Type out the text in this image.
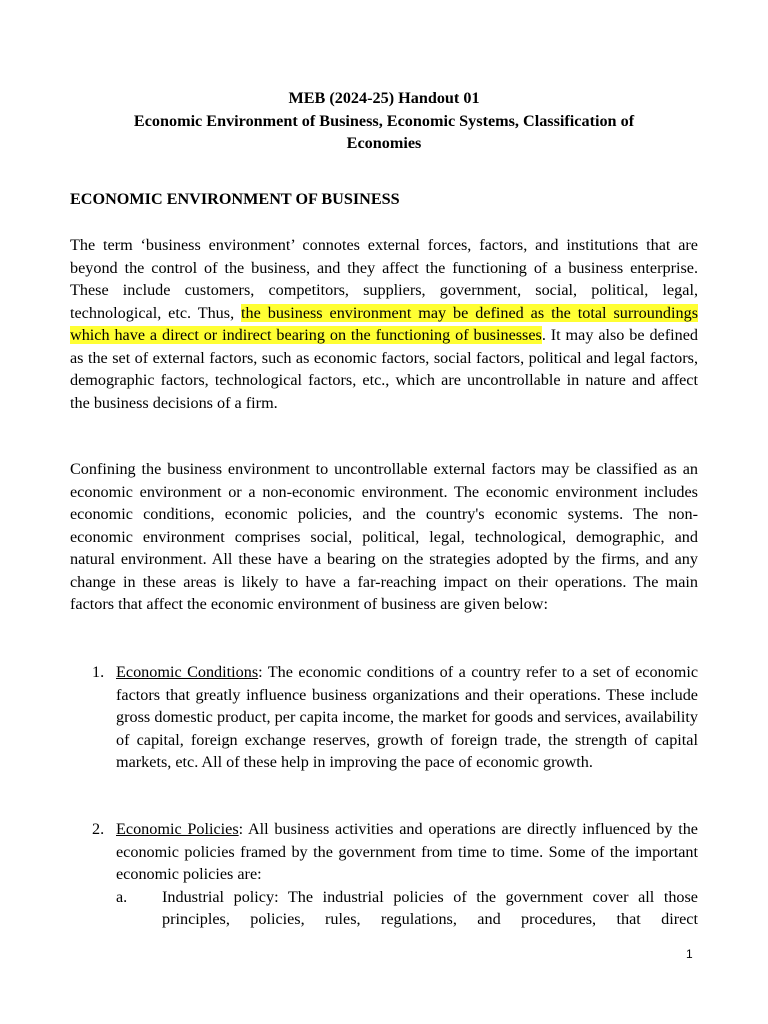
MEB (2024-25) Handout 01
Economic Environment of Business, Economic Systems, Classification of
Economies
ECONOMIC ENVIRONMENT OF BUSINESS
The term ‘business environment’ connotes external forces, factors, and institutions that are beyond the control of the business, and they affect the functioning of a business enterprise. These include customers, competitors, suppliers, government, social, political, legal, technological, etc. Thus, the business environment may be defined as the total surroundings which have a direct or indirect bearing on the functioning of businesses. It may also be defined as the set of external factors, such as economic factors, social factors, political and legal factors, demographic factors, technological factors, etc., which are uncontrollable in nature and affect the business decisions of a firm.
Confining the business environment to uncontrollable external factors may be classified as an economic environment or a non-economic environment. The economic environment includes economic conditions, economic policies, and the country's economic systems. The non-economic environment comprises social, political, legal, technological, demographic, and natural environment. All these have a bearing on the strategies adopted by the firms, and any change in these areas is likely to have a far-reaching impact on their operations. The main factors that affect the economic environment of business are given below:
1. Economic Conditions: The economic conditions of a country refer to a set of economic factors that greatly influence business organizations and their operations. These include gross domestic product, per capita income, the market for goods and services, availability of capital, foreign exchange reserves, growth of foreign trade, the strength of capital markets, etc. All of these help in improving the pace of economic growth.
2. Economic Policies: All business activities and operations are directly influenced by the economic policies framed by the government from time to time. Some of the important economic policies are:
a. Industrial policy: The industrial policies of the government cover all those principles, policies, rules, regulations, and procedures, that direct
1
